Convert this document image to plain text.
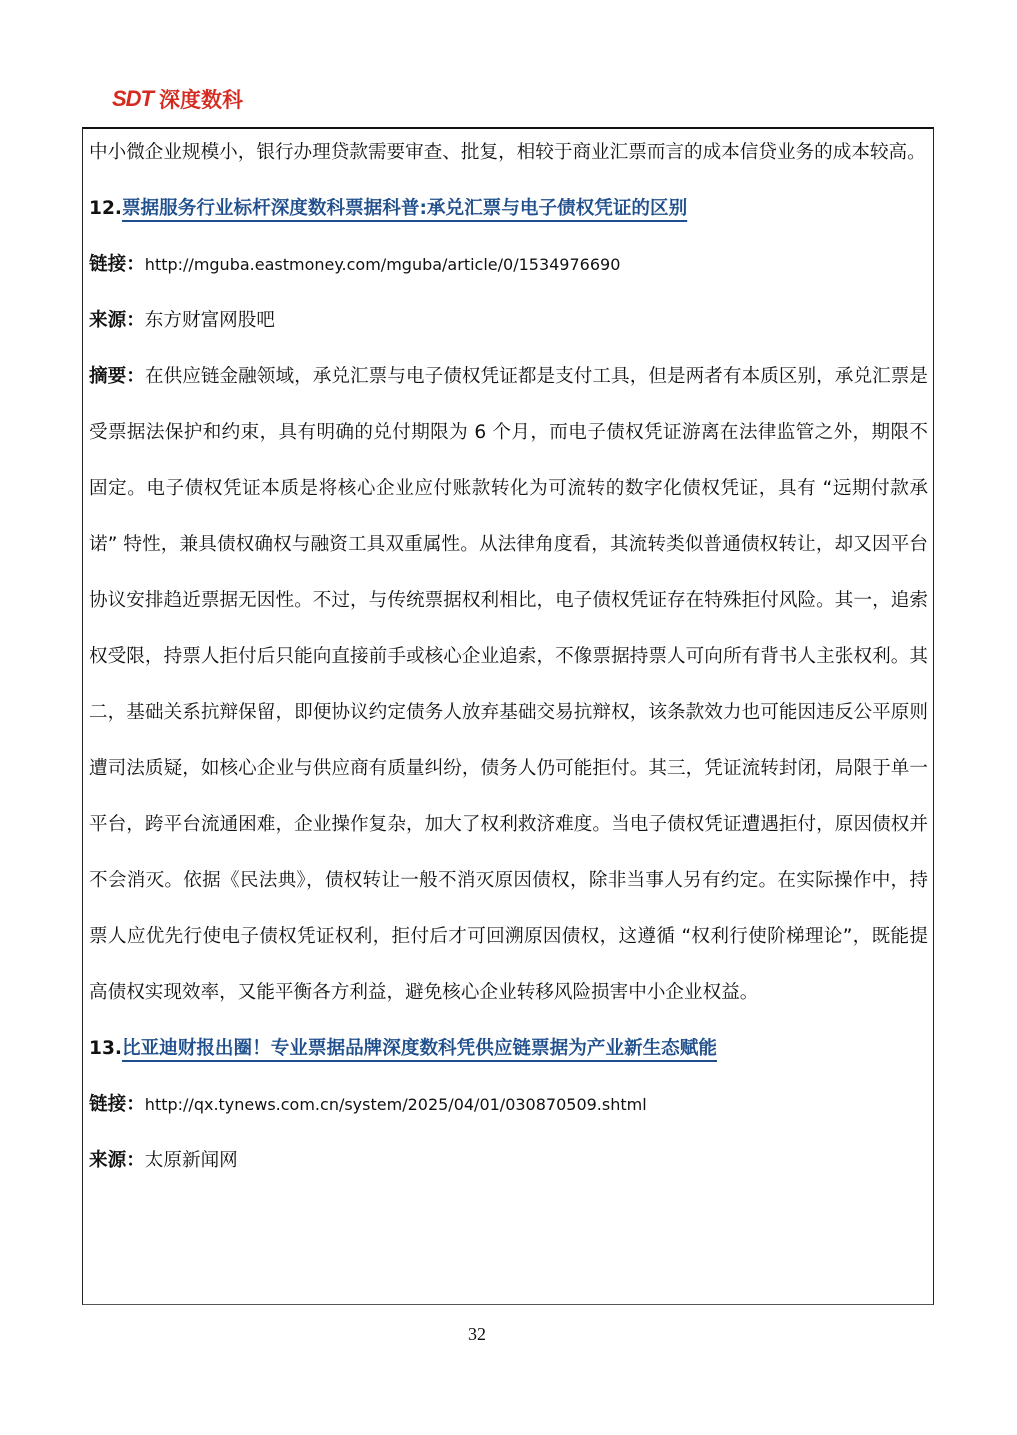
SDT 深度数科

中小微企业规模小，银行办理贷款需要审查、批复，相较于商业汇票而言的成本信贷业务的成本较高。

12.票据服务行业标杆深度数科票据科普:承兑汇票与电子债权凭证的区别

链接：http://mguba.eastmoney.com/mguba/article/0/1534976690

来源：东方财富网股吧

摘要：在供应链金融领域，承兑汇票与电子债权凭证都是支付工具，但是两者有本质区别，承兑汇票是受票据法保护和约束，具有明确的兑付期限为 6 个月，而电子债权凭证游离在法律监管之外，期限不固定。电子债权凭证本质是将核心企业应付账款转化为可流转的数字化债权凭证，具有 “远期付款承诺” 特性，兼具债权确权与融资工具双重属性。从法律角度看，其流转类似普通债权转让，却又因平台协议安排趋近票据无因性。不过，与传统票据权利相比，电子债权凭证存在特殊拒付风险。其一，追索权受限，持票人拒付后只能向直接前手或核心企业追索，不像票据持票人可向所有背书人主张权利。其二，基础关系抗辩保留，即便协议约定债务人放弃基础交易抗辩权，该条款效力也可能因违反公平原则遭司法质疑，如核心企业与供应商有质量纠纷，债务人仍可能拒付。其三，凭证流转封闭，局限于单一平台，跨平台流通困难，企业操作复杂，加大了权利救济难度。当电子债权凭证遭遇拒付，原因债权并不会消灭。依据《民法典》，债权转让一般不消灭原因债权，除非当事人另有约定。在实际操作中，持票人应优先行使电子债权凭证权利，拒付后才可回溯原因债权，这遵循 “权利行使阶梯理论”，既能提高债权实现效率，又能平衡各方利益，避免核心企业转移风险损害中小企业权益。

13.比亚迪财报出圈！专业票据品牌深度数科凭供应链票据为产业新生态赋能

链接：http://qx.tynews.com.cn/system/2025/04/01/030870509.shtml

来源：太原新闻网

32
